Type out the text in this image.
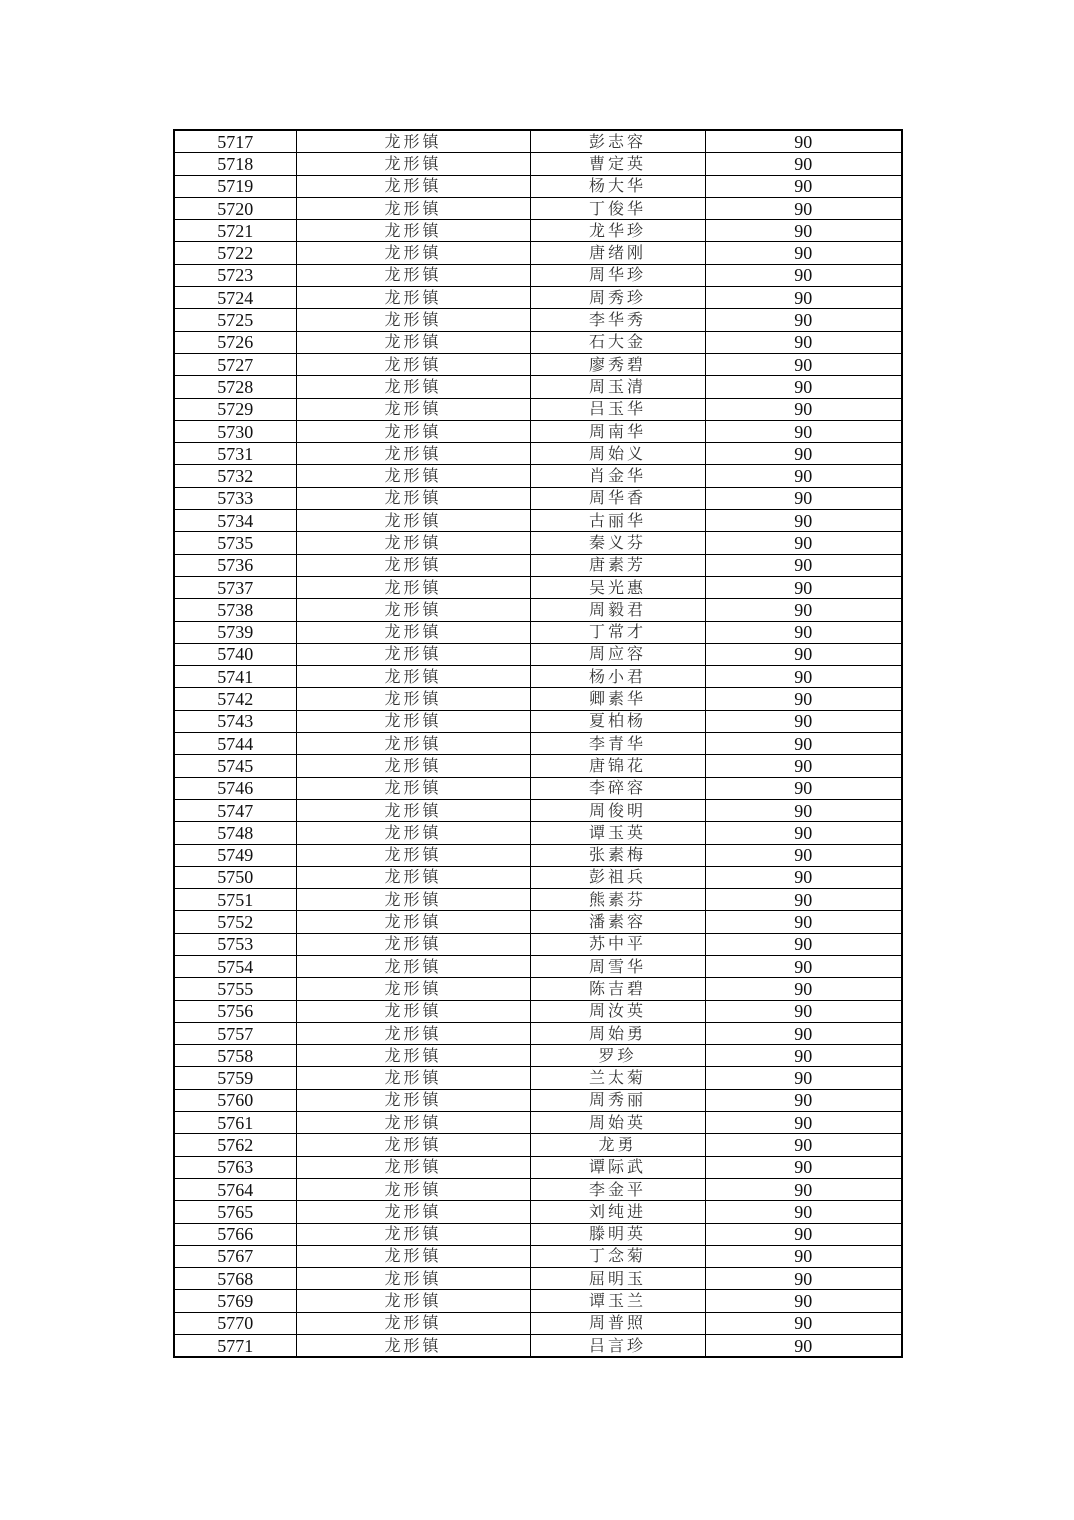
5717	龙形镇	彭志容	90
5718	龙形镇	曹定英	90
5719	龙形镇	杨大华	90
5720	龙形镇	丁俊华	90
5721	龙形镇	龙华珍	90
5722	龙形镇	唐绪刚	90
5723	龙形镇	周华珍	90
5724	龙形镇	周秀珍	90
5725	龙形镇	李华秀	90
5726	龙形镇	石大金	90
5727	龙形镇	廖秀碧	90
5728	龙形镇	周玉清	90
5729	龙形镇	吕玉华	90
5730	龙形镇	周南华	90
5731	龙形镇	周始义	90
5732	龙形镇	肖金华	90
5733	龙形镇	周华香	90
5734	龙形镇	古丽华	90
5735	龙形镇	秦义芬	90
5736	龙形镇	唐素芳	90
5737	龙形镇	吴光惠	90
5738	龙形镇	周毅君	90
5739	龙形镇	丁常才	90
5740	龙形镇	周应容	90
5741	龙形镇	杨小君	90
5742	龙形镇	卿素华	90
5743	龙形镇	夏柏杨	90
5744	龙形镇	李青华	90
5745	龙形镇	唐锦花	90
5746	龙形镇	李碎容	90
5747	龙形镇	周俊明	90
5748	龙形镇	谭玉英	90
5749	龙形镇	张素梅	90
5750	龙形镇	彭祖兵	90
5751	龙形镇	熊素芬	90
5752	龙形镇	潘素容	90
5753	龙形镇	苏中平	90
5754	龙形镇	周雪华	90
5755	龙形镇	陈吉碧	90
5756	龙形镇	周汝英	90
5757	龙形镇	周始勇	90
5758	龙形镇	罗珍	90
5759	龙形镇	兰太菊	90
5760	龙形镇	周秀丽	90
5761	龙形镇	周始英	90
5762	龙形镇	龙勇	90
5763	龙形镇	谭际武	90
5764	龙形镇	李金平	90
5765	龙形镇	刘纯进	90
5766	龙形镇	滕明英	90
5767	龙形镇	丁念菊	90
5768	龙形镇	屈明玉	90
5769	龙形镇	谭玉兰	90
5770	龙形镇	周普照	90
5771	龙形镇	吕言珍	90
